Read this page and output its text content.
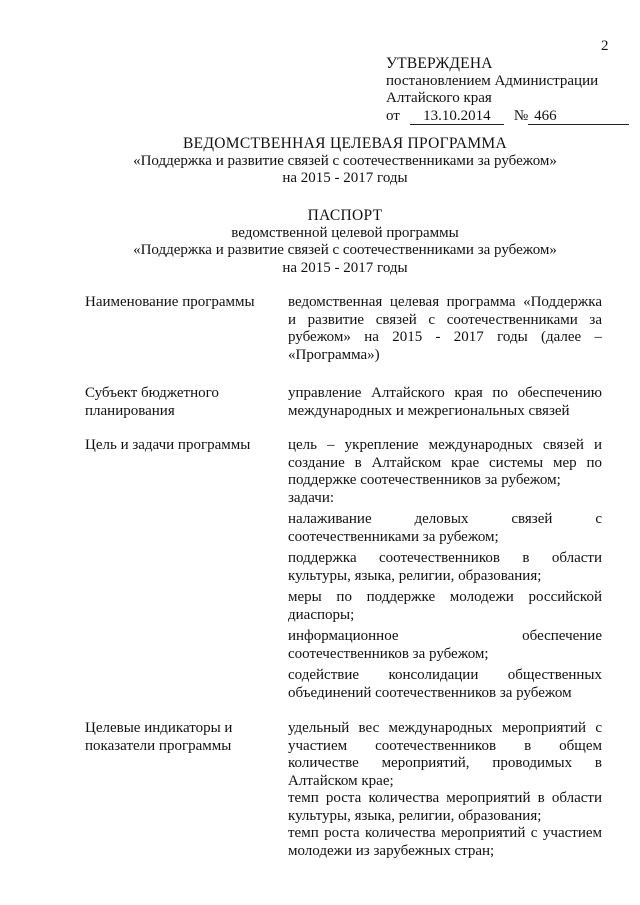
2
УТВЕРЖДЕНА
постановлением Администрации
Алтайского края
от 13.10.2014 № 466
ВЕДОМСТВЕННАЯ ЦЕЛЕВАЯ ПРОГРАММА
«Поддержка и развитие связей с соотечественниками за рубежом»
на 2015 - 2017 годы
ПАСПОРТ
ведомственной целевой программы
«Поддержка и развитие связей с соотечественниками за рубежом»
на 2015 - 2017 годы
Наименование программы	ведомственная целевая программа «Поддержка и развитие связей с соотечественниками за рубежом» на 2015 - 2017 годы (далее – «Программа»)

Субъект бюджетного планирования

управление Алтайского края по обеспечению международных и межрегиональных связей

Цель и задачи программы	цель – укрепление международных связей и создание в Алтайском крае системы мер по поддержке соотечественников за рубежом;

задачи:

налаживание деловых связей с соотечественниками за рубежом;

поддержка соотечественников в области культуры, языка, религии, образования;

меры по поддержке молодежи российской диаспоры;

информационное обеспечение соотечественников за рубежом;

содействие консолидации общественных объединений соотечественников за рубежом

Целевые индикаторы и показатели программы

удельный вес международных мероприятий с участием соотечественников в общем количестве мероприятий, проводимых в Алтайском крае;

темп роста количества мероприятий в области культуры, языка, религии, образования;

темп роста количества мероприятий с участием молодежи из зарубежных стран;
